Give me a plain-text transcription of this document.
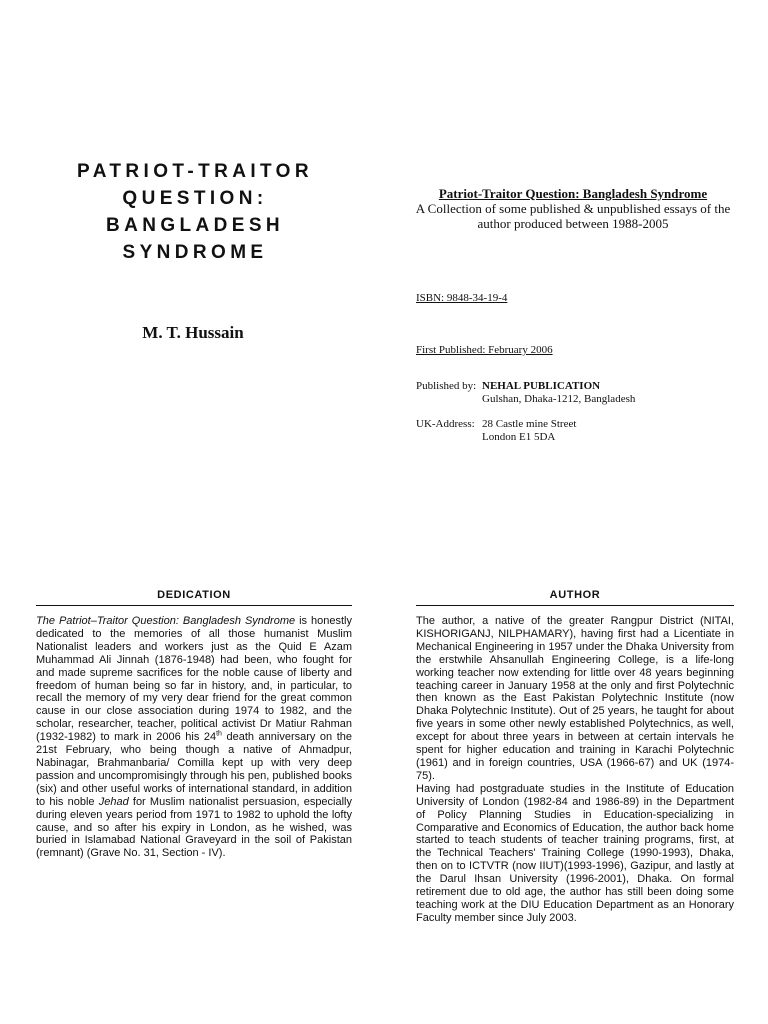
PATRIOT-TRAITOR
QUESTION:
BANGLADESH
SYNDROME
M. T. Hussain
Patriot-Traitor Question: Bangladesh Syndrome
A Collection of some published & unpublished essays of the author produced between 1988-2005
ISBN: 9848-34-19-4
First Published: February 2006
Published by: NEHAL PUBLICATION
Gulshan, Dhaka-1212, Bangladesh
UK-Address: 28 Castle mine Street
London E1 5DA
DEDICATION

The Patriot–Traitor Question: Bangladesh Syndrome is honestly dedicated to the memories of all those humanist Muslim Nationalist leaders and workers just as the Quid E Azam Muhammad Ali Jinnah (1876-1948) had been, who fought for and made supreme sacrifices for the noble cause of liberty and freedom of human being so far in history, and, in particular, to recall the memory of my very dear friend for the great common cause in our close association during 1974 to 1982, and the scholar, researcher, teacher, political activist Dr Matiur Rahman (1932-1982) to mark in 2006 his 24th death anniversary on the 21st February, who being though a native of Ahmadpur, Nabinagar, Brahmanbaria/ Comilla kept up with very deep passion and uncompromisingly through his pen, published books (six) and other useful works of international standard, in addition to his noble Jehad for Muslim nationalist persuasion, especially during eleven years period from 1971 to 1982 to uphold the lofty cause, and so after his expiry in London, as he wished, was buried in Islamabad National Graveyard in the soil of Pakistan (remnant) (Grave No. 31, Section - IV).

AUTHOR

The author, a native of the greater Rangpur District (NITAI, KISHORIGANJ, NILPHAMARY), having first had a Licentiate in Mechanical Engineering in 1957 under the Dhaka University from the erstwhile Ahsanullah Engineering College, is a life-long working teacher now extending for little over 48 years beginning teaching career in January 1958 at the only and first Polytechnic then known as the East Pakistan Polytechnic Institute (now Dhaka Polytechnic Institute). Out of 25 years, he taught for about five years in some other newly established Polytechnics, as well, except for about three years in between at certain intervals he spent for higher education and training in Karachi Polytechnic (1961) and in foreign countries, USA (1966-67) and UK (1974-75).

Having had postgraduate studies in the Institute of Education University of London (1982-84 and 1986-89) in the Department of Policy Planning Studies in Education-specializing in Comparative and Economics of Education, the author back home started to teach students of teacher training programs, first, at the Technical Teachers' Training College (1990-1993), Dhaka, then on to ICTVTR (now IIUT)(1993-1996), Gazipur, and lastly at the Darul Ihsan University (1996-2001), Dhaka. On formal retirement due to old age, the author has still been doing some teaching work at the DIU Education Department as an Honorary Faculty member since July 2003.
